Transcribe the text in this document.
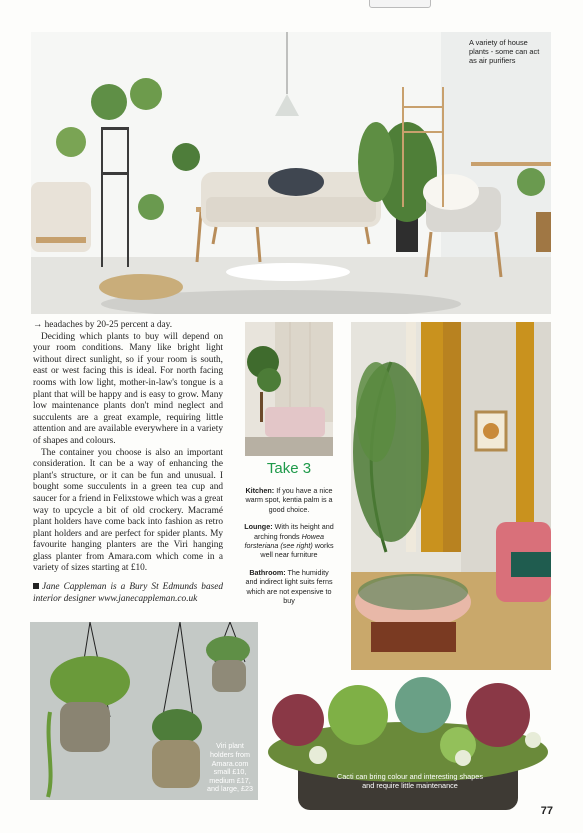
A variety of house plants - some can act as air purifiers

→ headaches by 20-25 percent a day.

Deciding which plants to buy will depend on your room conditions. Many like bright light without direct sunlight, so if your room is south, east or west facing this is ideal. For north facing rooms with low light, mother-in-law's tongue is a plant that will be happy and is easy to grow. Many low maintenance plants don't mind neglect and succulents are a great example, requiring little attention and are available everywhere in a variety of shapes and colours.

The container you choose is also an important consideration. It can be a way of enhancing the plant's structure, or it can be fun and unusual. I bought some succulents in a green tea cup and saucer for a friend in Felixstowe which was a great way to upcycle a bit of old crockery. Macramé plant holders have come back into fashion as retro plant holders and are perfect for spider plants. My favourite hanging planters are the Viri hanging glass planter from Amara.com which come in a variety of sizes starting at £10.

Jane Cappleman is a Bury St Edmunds based interior designer www.janecappleman.co.uk

Take 3

Kitchen: If you have a nice warm spot, kentia palm is a good choice.

Lounge: With its height and arching fronds Howea forsteriana (see right) works well near furniture

Bathroom: The humidity and indirect light suits ferns which are not expensive to buy

Viri plant holders from Amara.com small £10, medium £17, and large, £23
Cacti can bring colour and interesting shapes and require little maintenance
77
